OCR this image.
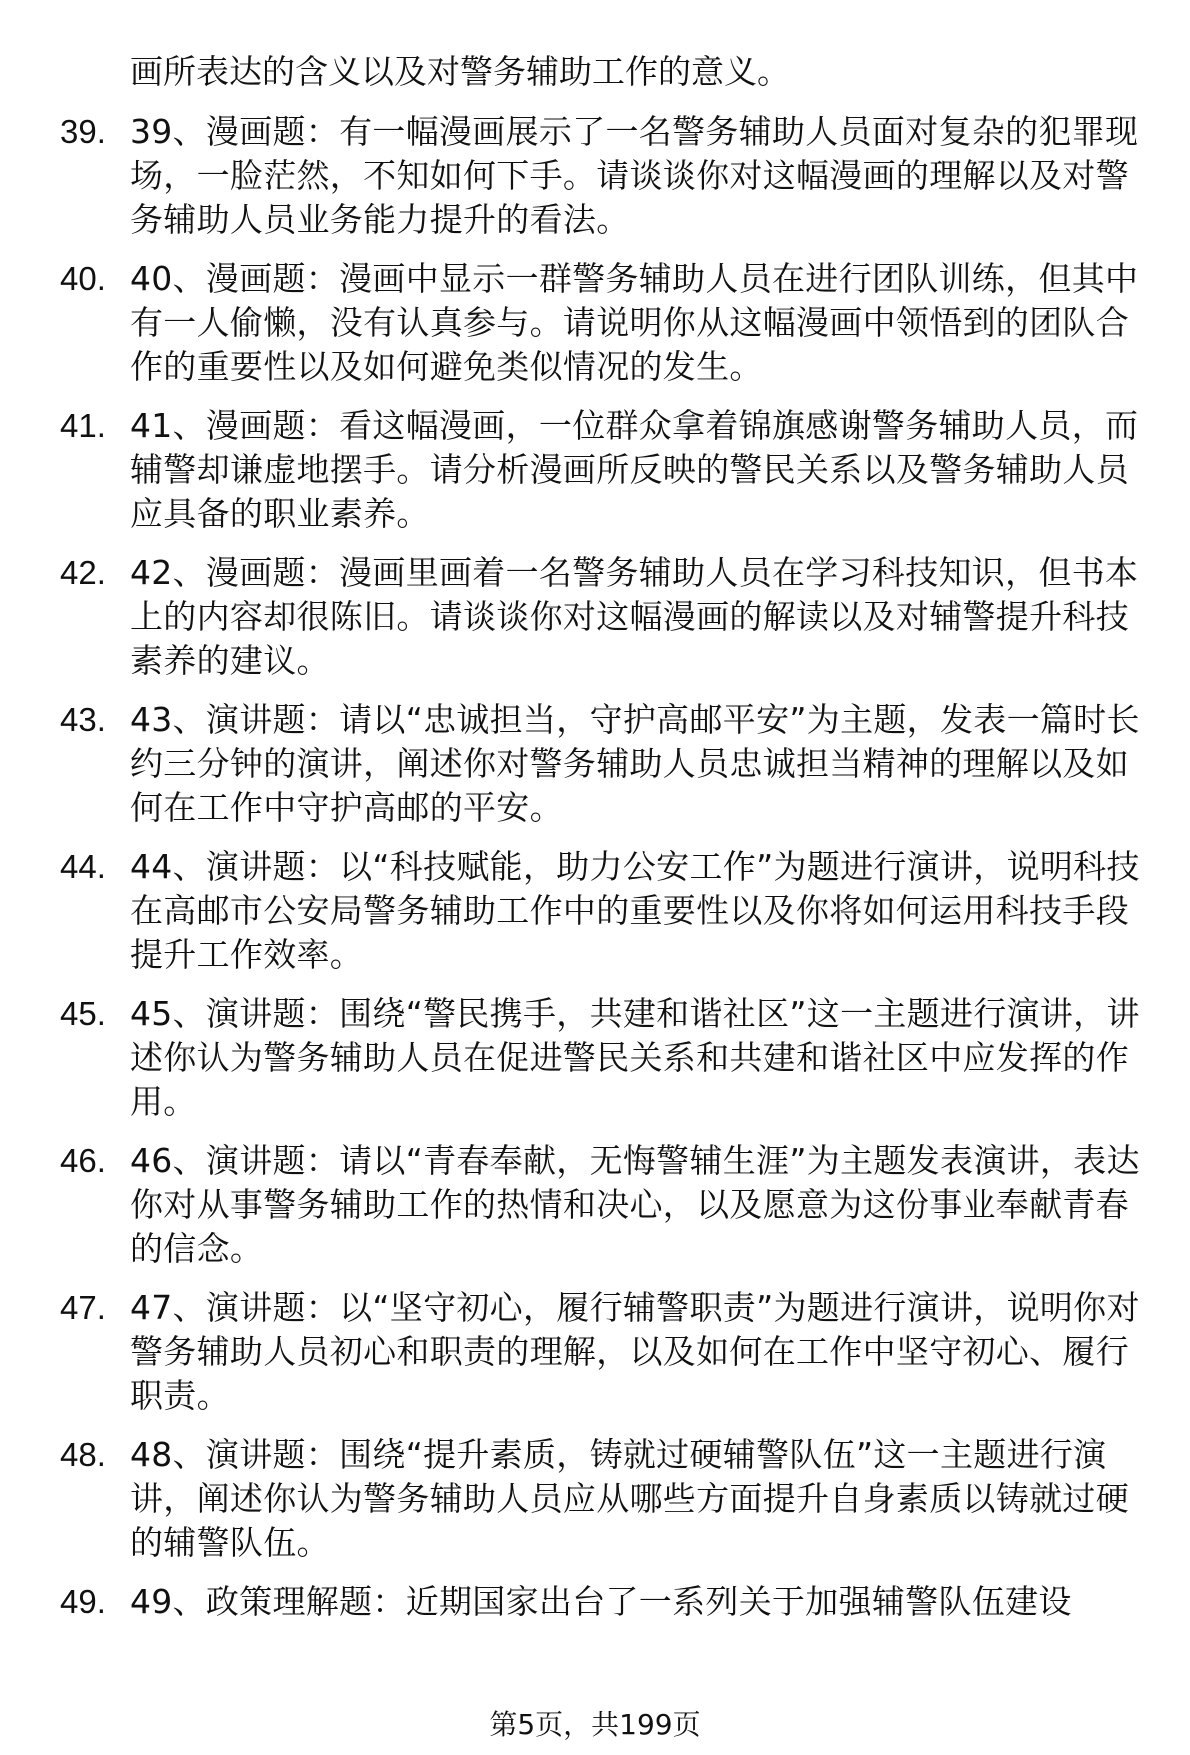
画所表达的含义以及对警务辅助工作的意义。
39. 39、漫画题：有一幅漫画展示了一名警务辅助人员面对复杂的犯罪现场，一脸茫然，不知如何下手。请谈谈你对这幅漫画的理解以及对警务辅助人员业务能力提升的看法。
40. 40、漫画题：漫画中显示一群警务辅助人员在进行团队训练，但其中有一人偷懒，没有认真参与。请说明你从这幅漫画中领悟到的团队合作的重要性以及如何避免类似情况的发生。
41. 41、漫画题：看这幅漫画，一位群众拿着锦旗感谢警务辅助人员，而辅警却谦虚地摆手。请分析漫画所反映的警民关系以及警务辅助人员应具备的职业素养。
42. 42、漫画题：漫画里画着一名警务辅助人员在学习科技知识，但书本上的内容却很陈旧。请谈谈你对这幅漫画的解读以及对辅警提升科技素养的建议。
43. 43、演讲题：请以“忠诚担当，守护高邮平安”为主题，发表一篇时长约三分钟的演讲，阐述你对警务辅助人员忠诚担当精神的理解以及如何在工作中守护高邮的平安。
44. 44、演讲题：以“科技赋能，助力公安工作”为题进行演讲，说明科技在高邮市公安局警务辅助工作中的重要性以及你将如何运用科技手段提升工作效率。
45. 45、演讲题：围绕“警民携手，共建和谐社区”这一主题进行演讲，讲述你认为警务辅助人员在促进警民关系和共建和谐社区中应发挥的作用。
46. 46、演讲题：请以“青春奉献，无悔警辅生涯”为主题发表演讲，表达你对从事警务辅助工作的热情和决心，以及愿意为这份事业奉献青春的信念。
47. 47、演讲题：以“坚守初心，履行辅警职责”为题进行演讲，说明你对警务辅助人员初心和职责的理解，以及如何在工作中坚守初心、履行职责。
48. 48、演讲题：围绕“提升素质，铸就过硬辅警队伍”这一主题进行演讲，阐述你认为警务辅助人员应从哪些方面提升自身素质以铸就过硬的辅警队伍。
49. 49、政策理解题：近期国家出台了一系列关于加强辅警队伍建设
第5页，共199页
